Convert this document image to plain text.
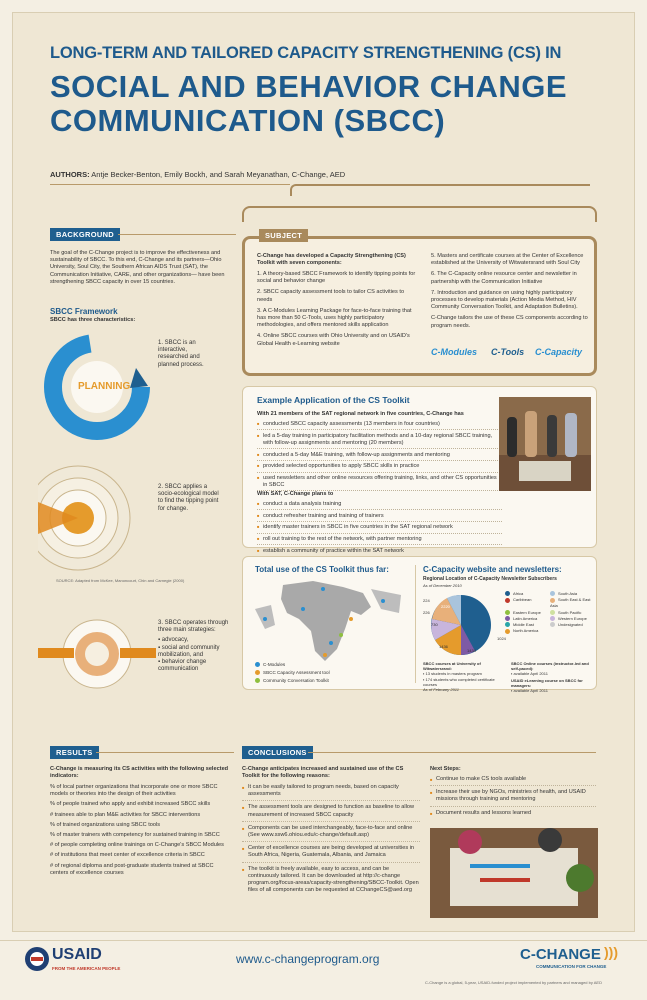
LONG-TERM AND TAILORED CAPACITY STRENGTHENING (CS) IN
SOCIAL AND BEHAVIOR CHANGE
COMMUNICATION (SBCC)
AUTHORS: Antje Becker-Benton, Emily Bockh, and Sarah Meyanathan, C-Change, AED
BACKGROUND
The goal of the C-Change project is to improve the effectiveness and sustainability of SBCC. To this end, C-Change and its partners—Ohio University, Soul City, the Southern African AIDS Trust (SAT), the Communication Initiative, CARE, and other organizations— have been strengthening SBCC capacity in over 15 countries.
SBCC Framework
SBCC has three characteristics:
PLANNING
1. SBCC is an interactive, researched and planned process.
2. SBCC applies a socio-ecological model to find the tipping point for change.
SOURCE: Adapted from McKee, Manoncourt, Chin and Carnegie (2000)
3. SBCC operates through three main strategies:
▪ advocacy,
▪ social and community mobilization, and
▪ behavior change communication
SUBJECT
C-Change has developed a Capacity Strengthening (CS) Toolkit with seven components:
1. A theory-based SBCC Framework to identify tipping points for social and behavior change
2. SBCC capacity assessment tools to tailor CS activities to needs
3. A C-Modules Learning Package for face-to-face training that has more than 50 C-Tools, uses highly participatory methodologies, and offers mentored skills application
4. Online SBCC courses with Ohio University and on USAID's Global Health e-Learning website
5. Masters and certificate courses at the Center of Excellence established at the University of Witwatersrand with Soul City
6. The C-Capacity online resource center and newsletter in partnership with the Communication Initiative
7. Introduction and guidance on using highly participatory processes to develop materials (Action Media Method, HIV Community Conversation Toolkit, and Adaptation Bulletins).
C-Change tailors the use of these CS components according to program needs.
C-Modules C-Tools C-Capacity
Example Application of the CS Toolkit
With 21 members of the SAT regional network in five countries, C-Change has
■ conducted SBCC capacity assessments (13 members in four countries)
■ led a 5-day training in participatory facilitation methods and a 10-day regional SBCC training, with follow-up assignments and mentoring (20 members)
■ conducted a 5-day M&E training, with follow-up assignments and mentoring
■ provided selected opportunities to apply SBCC skills in practice
■ used newsletters and other online resources offering training, links, and other CS opportunities in SBCC
With SAT, C-Change plans to
■ conduct a data analysis training
■ conduct refresher training and training of trainers
■ identify master trainers in SBCC in five countries in the SAT regional network
■ roll out training to the rest of the network, with partner mentoring
■ establish a community of practice within the SAT network
Total use of the CS Toolkit thus far:
C-Modules
SBCC Capacity Assessment tool
Community Conversation Toolkit
C-Capacity website and newsletters:
Regional Location of C-Capacity Newsletter Subscribers
As of December 2010
2220
1024
1434
1436
730
224
226
Africa	South Asia
Caribbean	South East & East Asia
Eastern Europe	South Pacific
Latin America	Western Europe
Middle East	Undesignated
North America
SBCC courses at University of Witwatersrand:
▪ 13 students in masters program
▪ 174 students who completed certificate courses
As of February 2011
SBCC Online courses (instructor-led and self-paced):
▪ available April 2011
USAID eLearning course on SBCC for managers:
▪ available April 2011
RESULTS
C-Change is measuring its CS activities with the following selected indicators:
% of local partner organizations that incorporate one or more SBCC models or theories into the design of their activities
% of people trained who apply and exhibit increased SBCC skills
# trainees able to plan M&E activities for SBCC interventions
% of trained organizations using SBCC tools
% of master trainers with competency for sustained training in SBCC
# of people completing online trainings on C-Change's SBCC Modules
# of institutions that meet center of excellence criteria in SBCC
# of regional diploma and post-graduate students trained at SBCC centers of excellence courses
CONCLUSIONS
C-Change anticipates increased and sustained use of the CS Toolkit for the following reasons:
■ It can be easily tailored to program needs, based on capacity assessments
■ The assessment tools are designed to function as baseline to allow measurement of increased SBCC capacity
■ Components can be used interchangeably, face-to-face and online (See www.ssw6.ohiou.edu/c-change/default.asp)
■ Center of excellence courses are being developed at universities in South Africa, Nigeria, Guatemala, Albania, and Jamaica
■ The toolkit is freely available, easy to access, and can be continuously tailored. It can be downloaded at http://c-change program.org/focus-areas/capacity-strengthening/SBCC-Toolkit. Open files of all components can be requested at CChangeCS@aed.org
Next Steps:
■ Continue to make CS tools available
■ Increase their use by NGOs, ministries of health, and USAID missions through training and mentoring
■ Document results and lessons learned
USAID
FROM THE AMERICAN PEOPLE
www.c-changeprogram.org	C-CHANGE )))
COMMUNICATION FOR CHANGE
C-Change is a global, 5-year, USAID-funded project implemented by partners and managed by AED
